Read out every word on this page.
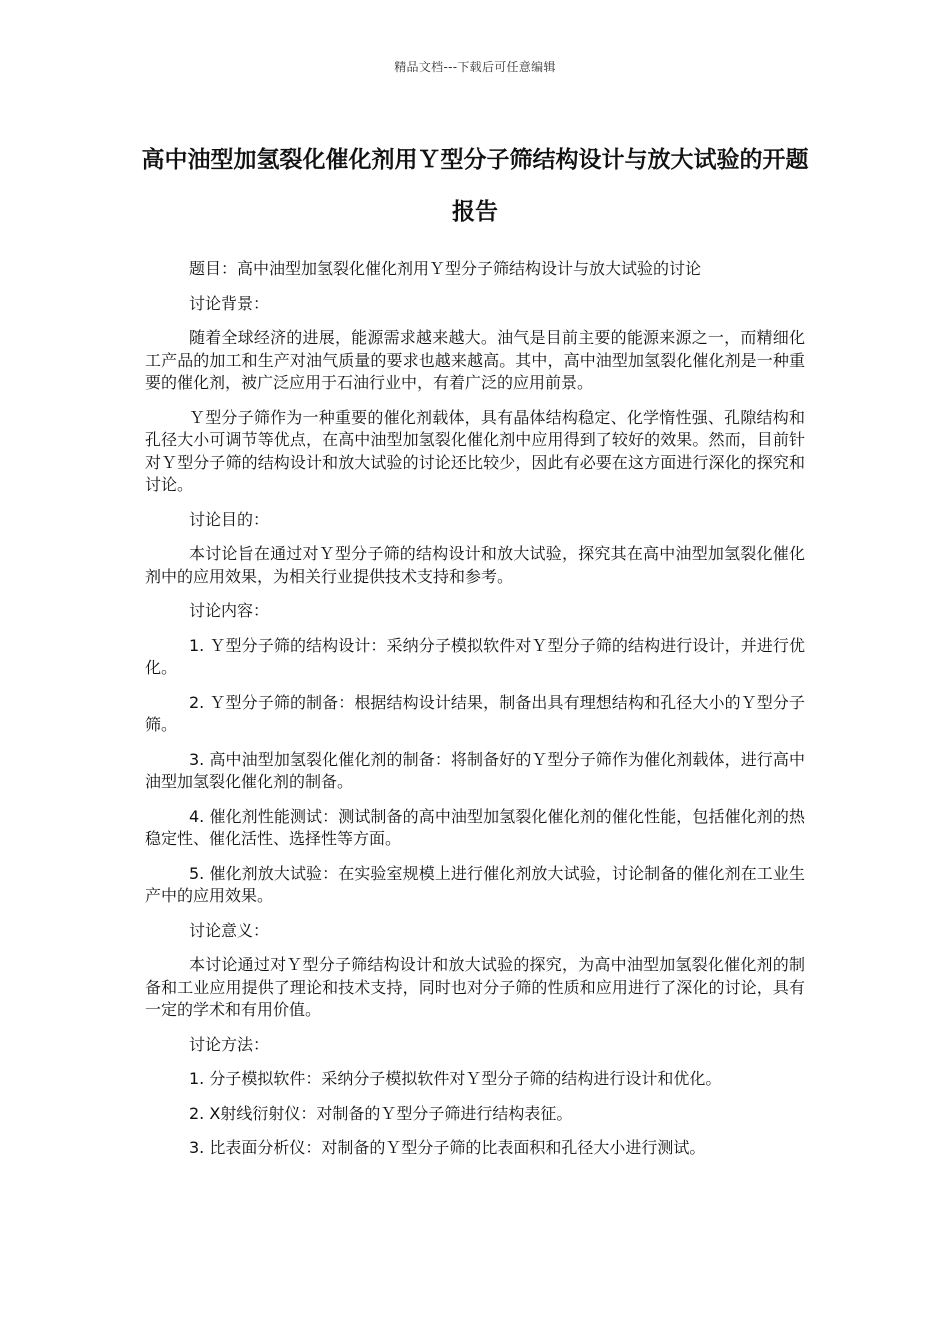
精品文档---下载后可任意编辑
高中油型加氢裂化催化剂用Ｙ型分子筛结构设计与放大试验的开题报告

题目：高中油型加氢裂化催化剂用Ｙ型分子筛结构设计与放大试验的讨论

讨论背景：

随着全球经济的进展，能源需求越来越大。油气是目前主要的能源来源之一，而精细化工产品的加工和生产对油气质量的要求也越来越高。其中，高中油型加氢裂化催化剂是一种重要的催化剂，被广泛应用于石油行业中，有着广泛的应用前景。

Ｙ型分子筛作为一种重要的催化剂载体，具有晶体结构稳定、化学惰性强、孔隙结构和孔径大小可调节等优点，在高中油型加氢裂化催化剂中应用得到了较好的效果。然而，目前针对Ｙ型分子筛的结构设计和放大试验的讨论还比较少，因此有必要在这方面进行深化的探究和讨论。

讨论目的：

本讨论旨在通过对Ｙ型分子筛的结构设计和放大试验，探究其在高中油型加氢裂化催化剂中的应用效果，为相关行业提供技术支持和参考。

讨论内容：

1. Ｙ型分子筛的结构设计：采纳分子模拟软件对Ｙ型分子筛的结构进行设计，并进行优化。

2. Ｙ型分子筛的制备：根据结构设计结果，制备出具有理想结构和孔径大小的Ｙ型分子筛。

3. 高中油型加氢裂化催化剂的制备：将制备好的Ｙ型分子筛作为催化剂载体，进行高中油型加氢裂化催化剂的制备。

4. 催化剂性能测试：测试制备的高中油型加氢裂化催化剂的催化性能，包括催化剂的热稳定性、催化活性、选择性等方面。

5. 催化剂放大试验：在实验室规模上进行催化剂放大试验，讨论制备的催化剂在工业生产中的应用效果。

讨论意义：

本讨论通过对Ｙ型分子筛结构设计和放大试验的探究，为高中油型加氢裂化催化剂的制备和工业应用提供了理论和技术支持，同时也对分子筛的性质和应用进行了深化的讨论，具有一定的学术和有用价值。

讨论方法：

1. 分子模拟软件：采纳分子模拟软件对Ｙ型分子筛的结构进行设计和优化。

2. X射线衍射仪：对制备的Ｙ型分子筛进行结构表征。

3. 比表面分析仪：对制备的Ｙ型分子筛的比表面积和孔径大小进行测试。
